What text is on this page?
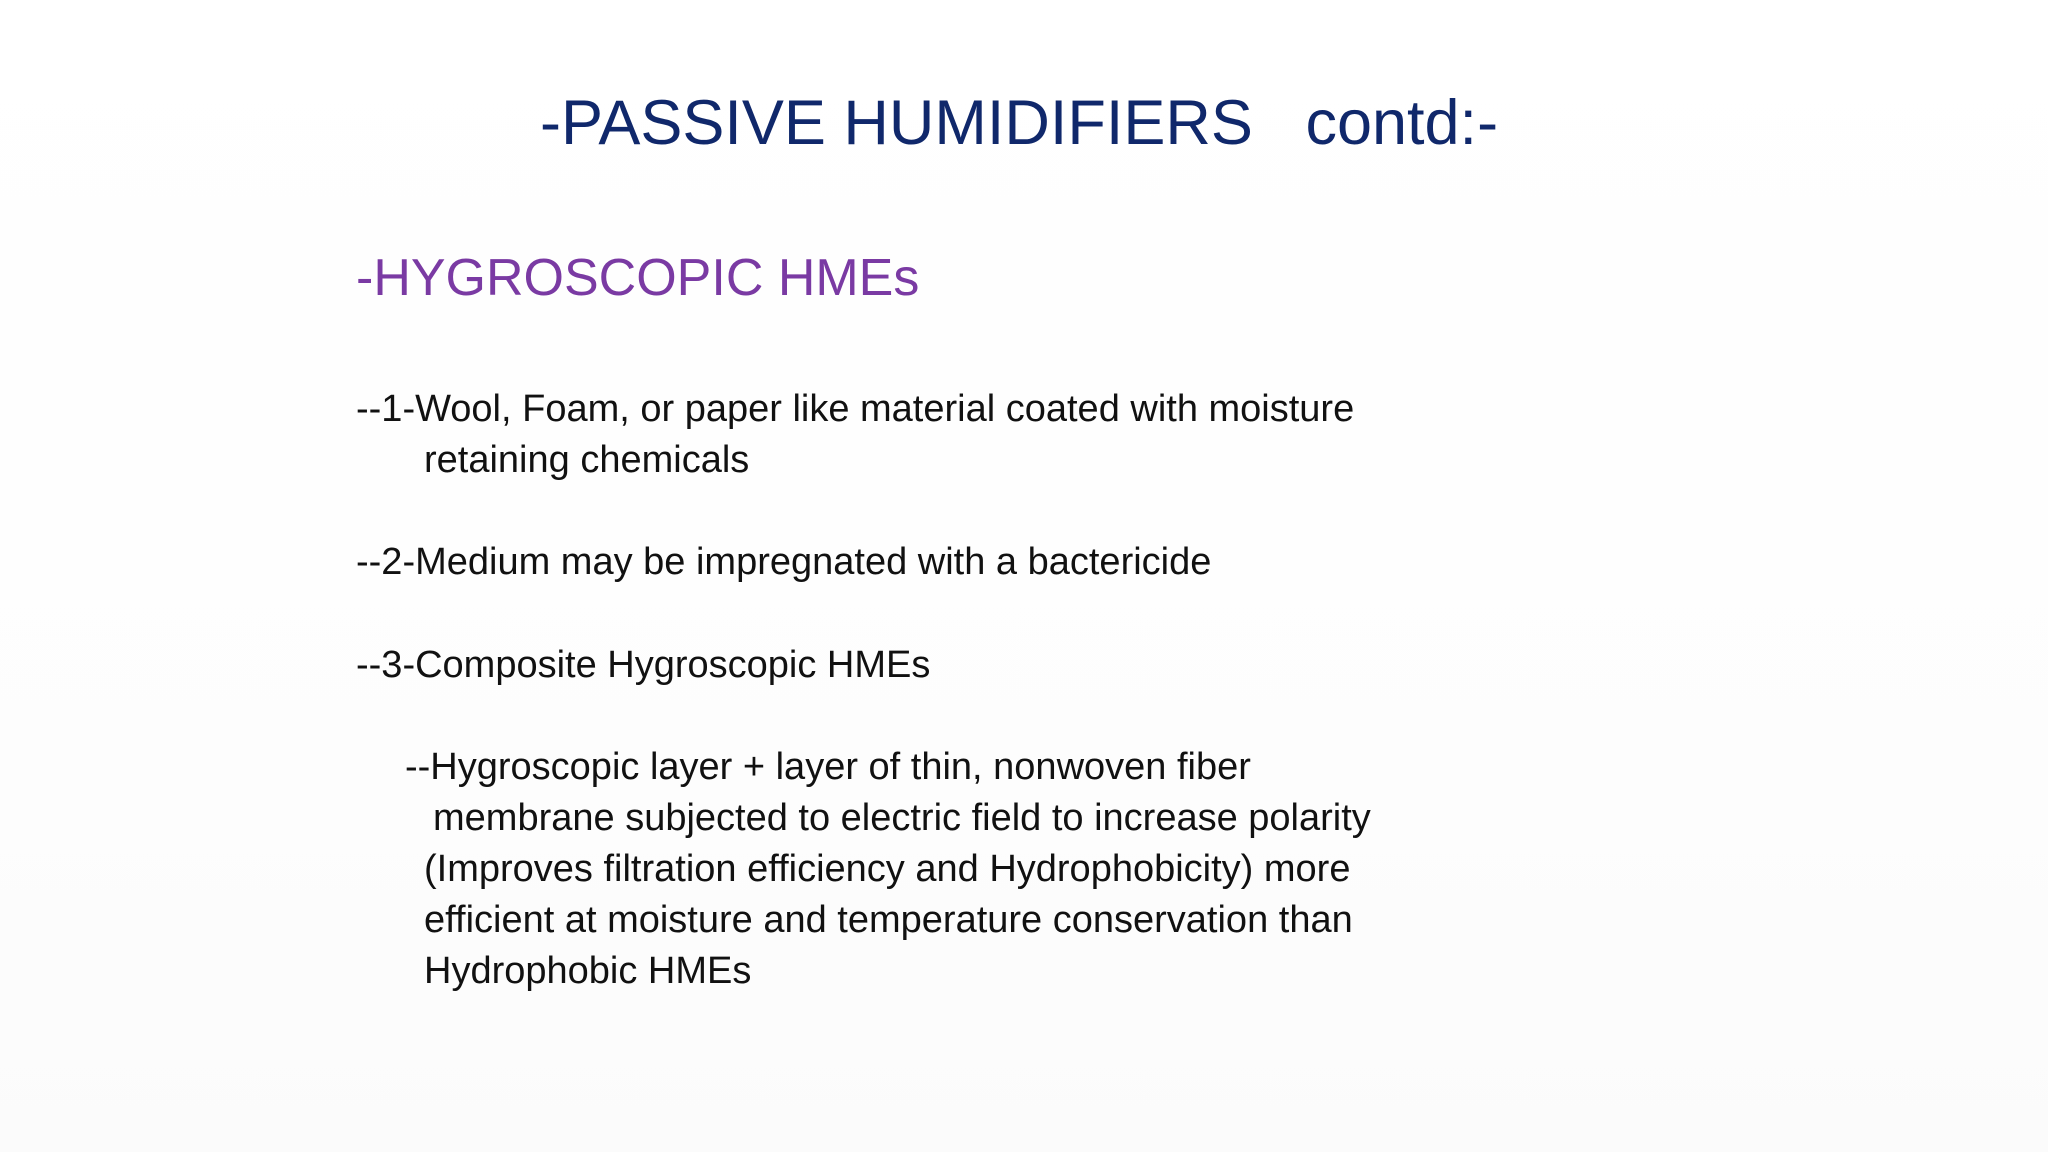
-PASSIVE HUMIDIFIERS   contd:-
-HYGROSCOPIC HMEs

--1-Wool, Foam, or paper like material coated with moisture

retaining chemicals

--2-Medium may be impregnated with a bactericide

--3-Composite Hygroscopic HMEs

--Hygroscopic layer + layer of thin, nonwoven fiber

membrane subjected to electric field to increase polarity

(Improves filtration efficiency and Hydrophobicity) more

efficient at moisture and temperature conservation than

Hydrophobic HMEs
